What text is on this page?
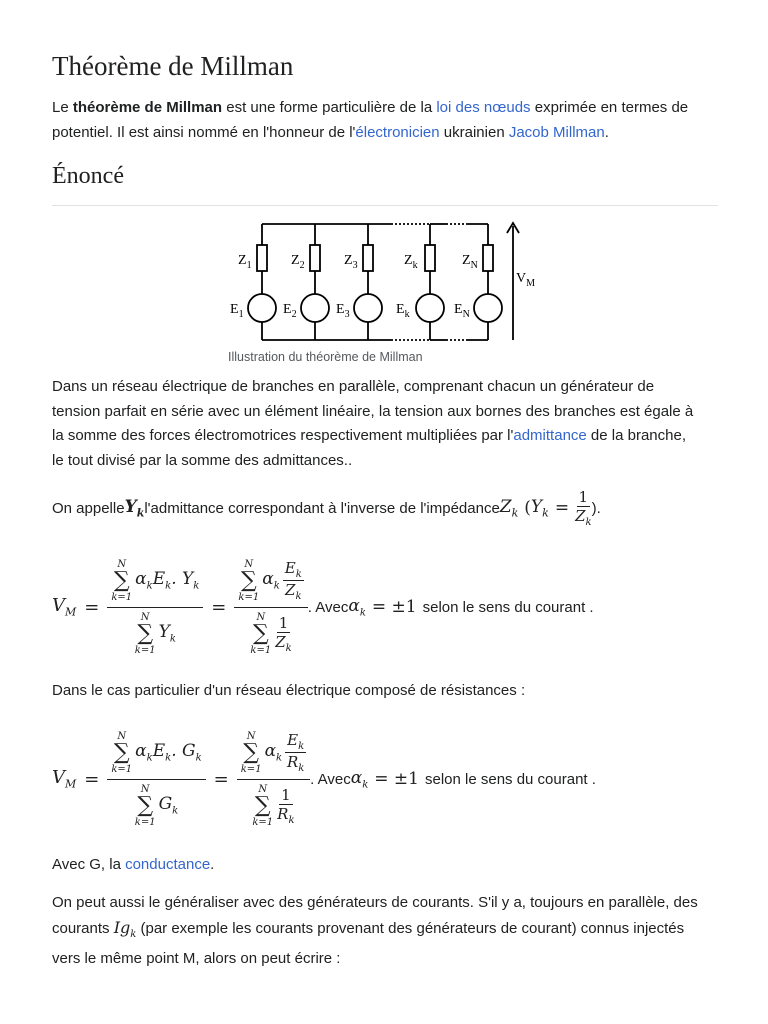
Théorème de Millman

Le théorème de Millman est une forme particulière de la loi des nœuds exprimée en termes de
potentiel. Il est ainsi nommé en l'honneur de l'électronicien ukrainien Jacob Millman.

Énoncé
$Z_1$	$Z_2$	$Z_3$	$Z_k$	$Z_N$
$E_1$	$E_2$	$E_3$	$E_k$	$E_N$
$V_M$
Illustration du théorème de Millman

Dans un réseau électrique de branches en parallèle, comprenant chacun un générateur de
tension parfait en série avec un élément linéaire, la tension aux bornes des branches est égale à
la somme des forces électromotrices respectivement multipliées par l'admittance de la branche,
le tout divisé par la somme des admittances..

On appelle $Y_k$ l'admittance correspondant à l'inverse de l'impédance $Z_k$ ( $Y_k = \frac{1}{Z_k}$ ).
$V_M = N$
∑
k=1
$\alpha_kE_k$. $Y_k$
N
∑
k=1
$Y_k = N$
∑
k=1
$\alpha_k \frac{E_k}{Z_k}$
N
∑
$k=1 \frac{1}{Z_k}$ . Avec $\alpha_k = \pm 1$ selon le sens du courant .

Dans le cas particulier d'un réseau électrique composé de résistances :

$V_M = N$
∑
k=1
$\alpha_kE_k$. $G_k$
N
∑
k=1
$G_k = N$
∑
k=1
$\alpha_k \frac{E_k}{R_k}$
N
∑
$k=1 \frac{1}{R_k}$ . Avec $\alpha_k = \pm 1$ selon le sens du courant .

Avec G, la conductance.

On peut aussi le généraliser avec des générateurs de courants. S'il y a, toujours en parallèle, des
courants $Ig_k$ (par exemple les courants provenant des générateurs de courant) connus injectés
vers le même point M, alors on peut écrire :
